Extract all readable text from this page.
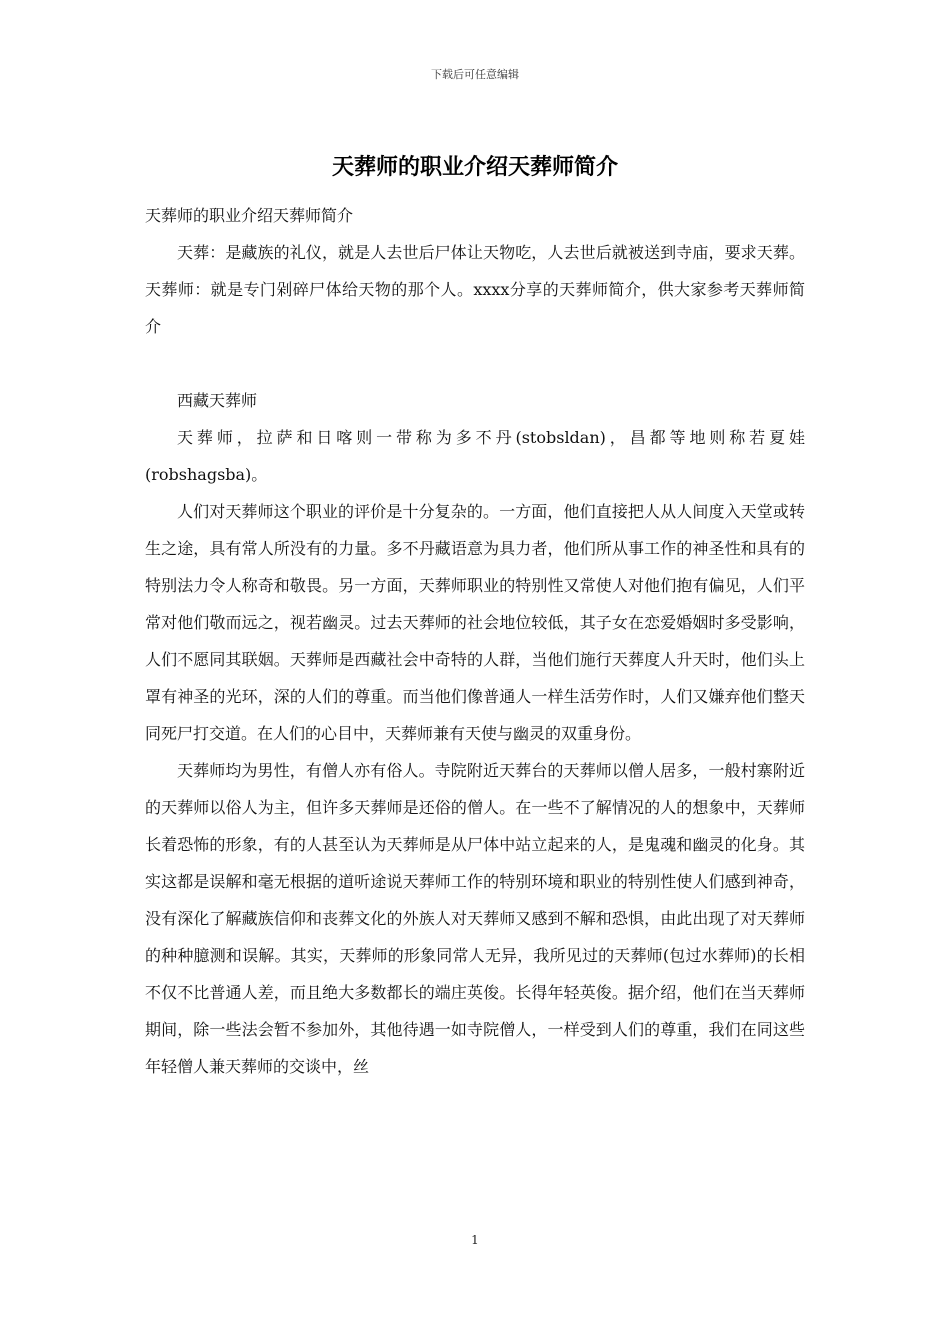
下载后可任意编辑
天葬师的职业介绍天葬师简介

天葬师的职业介绍天葬师简介

天葬：是藏族的礼仪，就是人去世后尸体让天物吃，人去世后就被送到寺庙，要求天葬。天葬师：就是专门剁碎尸体给天物的那个人。xxxx分享的天葬师简介，供大家参考天葬师简介

西藏天葬师

天葬师，拉萨和日喀则一带称为多不丹(stobsldan)，昌都等地则称若夏娃(robshagsba)。

人们对天葬师这个职业的评价是十分复杂的。一方面，他们直接把人从人间度入天堂或转生之途，具有常人所没有的力量。多不丹藏语意为具力者，他们所从事工作的神圣性和具有的特别法力令人称奇和敬畏。另一方面，天葬师职业的特别性又常使人对他们抱有偏见，人们平常对他们敬而远之，视若幽灵。过去天葬师的社会地位较低，其子女在恋爱婚姻时多受影响，人们不愿同其联姻。天葬师是西藏社会中奇特的人群，当他们施行天葬度人升天时，他们头上罩有神圣的光环，深的人们的尊重。而当他们像普通人一样生活劳作时，人们又嫌弃他们整天同死尸打交道。在人们的心目中，天葬师兼有天使与幽灵的双重身份。

天葬师均为男性，有僧人亦有俗人。寺院附近天葬台的天葬师以僧人居多，一般村寨附近的天葬师以俗人为主，但许多天葬师是还俗的僧人。在一些不了解情况的人的想象中，天葬师长着恐怖的形象，有的人甚至认为天葬师是从尸体中站立起来的人，是鬼魂和幽灵的化身。其实这都是误解和毫无根据的道听途说天葬师工作的特别环境和职业的特别性使人们感到神奇，没有深化了解藏族信仰和丧葬文化的外族人对天葬师又感到不解和恐惧，由此出现了对天葬师的种种臆测和误解。其实，天葬师的形象同常人无异，我所见过的天葬师(包过水葬师)的长相不仅不比普通人差，而且绝大多数都长的端庄英俊。长得年轻英俊。据介绍，他们在当天葬师期间，除一些法会暂不参加外，其他待遇一如寺院僧人，一样受到人们的尊重，我们在同这些年轻僧人兼天葬师的交谈中，丝

1
